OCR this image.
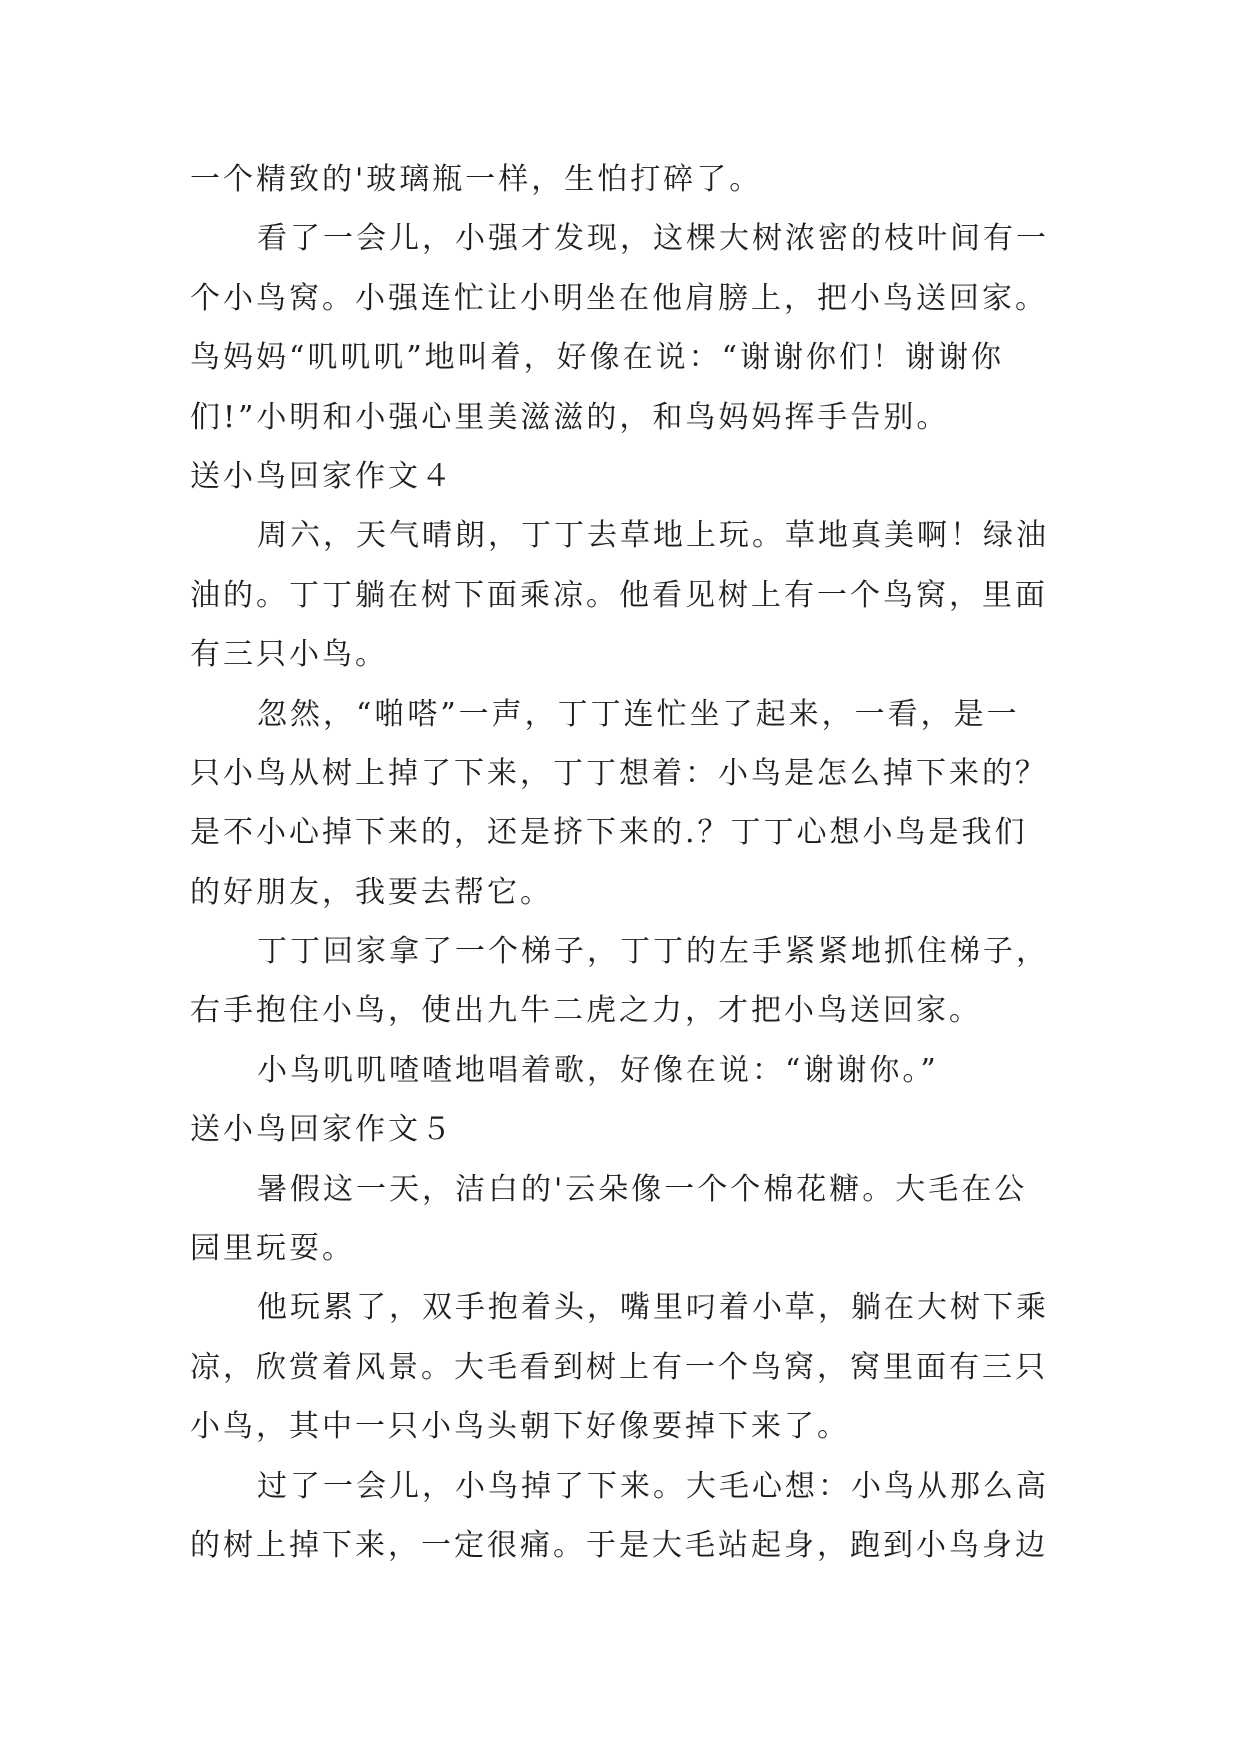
一个精致的'玻璃瓶一样，生怕打碎了。
看了一会儿，小强才发现，这棵大树浓密的枝叶间有一
个小鸟窝。小强连忙让小明坐在他肩膀上，把小鸟送回家。
鸟妈妈“叽叽叽”地叫着，好像在说：“谢谢你们！谢谢你
们!”小明和小强心里美滋滋的，和鸟妈妈挥手告别。
送小鸟回家作文４
周六，天气晴朗，丁丁去草地上玩。草地真美啊！绿油
油的。丁丁躺在树下面乘凉。他看见树上有一个鸟窝，里面
有三只小鸟。
忽然，“啪嗒”一声，丁丁连忙坐了起来，一看，是一
只小鸟从树上掉了下来，丁丁想着：小鸟是怎么掉下来的？
是不小心掉下来的，还是挤下来的.？丁丁心想小鸟是我们
的好朋友，我要去帮它。
丁丁回家拿了一个梯子，丁丁的左手紧紧地抓住梯子，
右手抱住小鸟，使出九牛二虎之力，才把小鸟送回家。
小鸟叽叽喳喳地唱着歌，好像在说：“谢谢你。”
送小鸟回家作文５
暑假这一天，洁白的'云朵像一个个棉花糖。大毛在公
园里玩耍。
他玩累了，双手抱着头，嘴里叼着小草，躺在大树下乘
凉，欣赏着风景。大毛看到树上有一个鸟窝，窝里面有三只
小鸟，其中一只小鸟头朝下好像要掉下来了。
过了一会儿，小鸟掉了下来。大毛心想：小鸟从那么高
的树上掉下来，一定很痛。于是大毛站起身，跑到小鸟身边
